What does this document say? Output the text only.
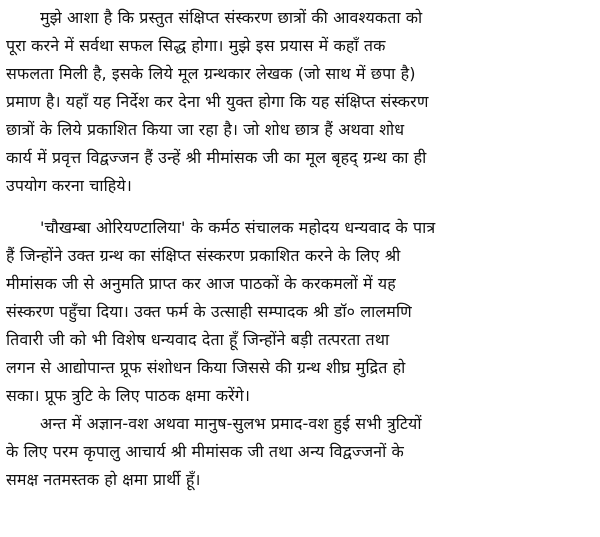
मुझे आशा है कि प्रस्तुत संक्षिप्त संस्करण छात्रों की आवश्यकता को
पूरा करने में सर्वथा सफल सिद्ध होगा। मुझे इस प्रयास में कहाँ तक
सफलता मिली है, इसके लिये मूल ग्रन्थकार लेखक (जो साथ में छपा है)
प्रमाण है। यहाँ यह निर्देश कर देना भी युक्त होगा कि यह संक्षिप्त संस्करण
छात्रों के लिये प्रकाशित किया जा रहा है। जो शोध छात्र हैं अथवा शोध
कार्य में प्रवृत्त विद्वज्जन हैं उन्हें श्री मीमांसक जी का मूल बृहद् ग्रन्थ का ही
उपयोग करना चाहिये।
'चौखम्बा ओरियण्टालिया' के कर्मठ संचालक महोदय धन्यवाद के पात्र
हैं जिन्होंने उक्त ग्रन्थ का संक्षिप्त संस्करण प्रकाशित करने के लिए श्री
मीमांसक जी से अनुमति प्राप्त कर आज पाठकों के करकमलों में यह
संस्करण पहुँचा दिया। उक्त फर्म के उत्साही सम्पादक श्री डॉ० लालमणि
तिवारी जी को भी विशेष धन्यवाद देता हूँ जिन्होंने बड़ी तत्परता तथा
लगन से आद्योपान्त प्रूफ संशोधन किया जिससे की ग्रन्थ शीघ्र मुद्रित हो
सका। प्रूफ त्रुटि के लिए पाठक क्षमा करेंगे।
अन्त में अज्ञान-वश अथवा मानुष-सुलभ प्रमाद-वश हुई सभी त्रुटियों
के लिए परम कृपालु आचार्य श्री मीमांसक जी तथा अन्य विद्वज्जनों के
समक्ष नतमस्तक हो क्षमा प्रार्थी हूँ।
